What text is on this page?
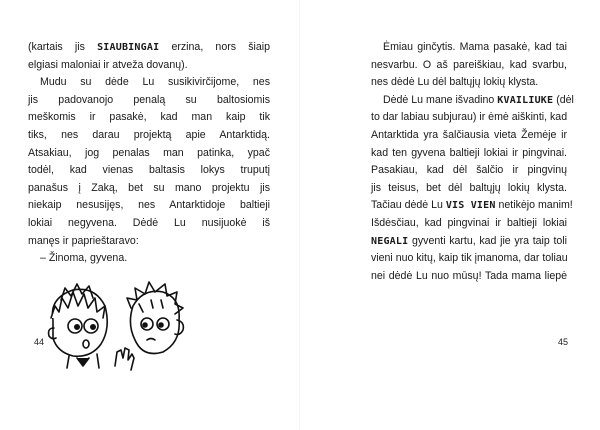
(kartais jis SIAUBINGAI erzina, nors šiaip
elgiasi maloniai ir atveža dovanų).
Mudu su dėde Lu susikivirčijome, nes
jis padovanojo penalą su baltosiomis
meškomis ir pasakė, kad man kaip tik
tiks, nes darau projektą apie Antarktidą.
Atsakiau, jog penalas man patinka, ypač
todėl, kad vienas baltasis lokys truputį
panašus į Zaką, bet su mano projektu jis
niekaip nesusijęs, nes Antarktidoje baltieji
lokiai negyvena. Dėdė Lu nusijuokė iš
manęs ir paprieštaravo:
– Žinoma, gyvena.
44
Ėmiau ginčytis. Mama pasakė, kad tai
nesvarbu. O aš pareiškiau, kad svarbu,
nes dėdė Lu dėl baltųjų lokių klysta.
Dėdė Lu mane išvadino KVAILIUKE (dėl
to dar labiau subjurau) ir ėmė aiškinti, kad
Antarktida yra šalčiausia vieta Žemėje ir
kad ten gyvena baltieji lokiai ir pingvinai.
Pasakiau, kad dėl šalčio ir pingvinų
jis teisus, bet dėl baltųjų lokių klysta.
Tačiau dėdė Lu VIS VIEN netikėjo manim!
Išdėsčiau, kad pingvinai ir baltieji lokiai
NEGALI gyventi kartu, kad jie yra taip toli
vieni nuo kitų, kaip tik įmanoma, dar toliau
nei dėdė Lu nuo mūsų! Tada mama liepė
45
